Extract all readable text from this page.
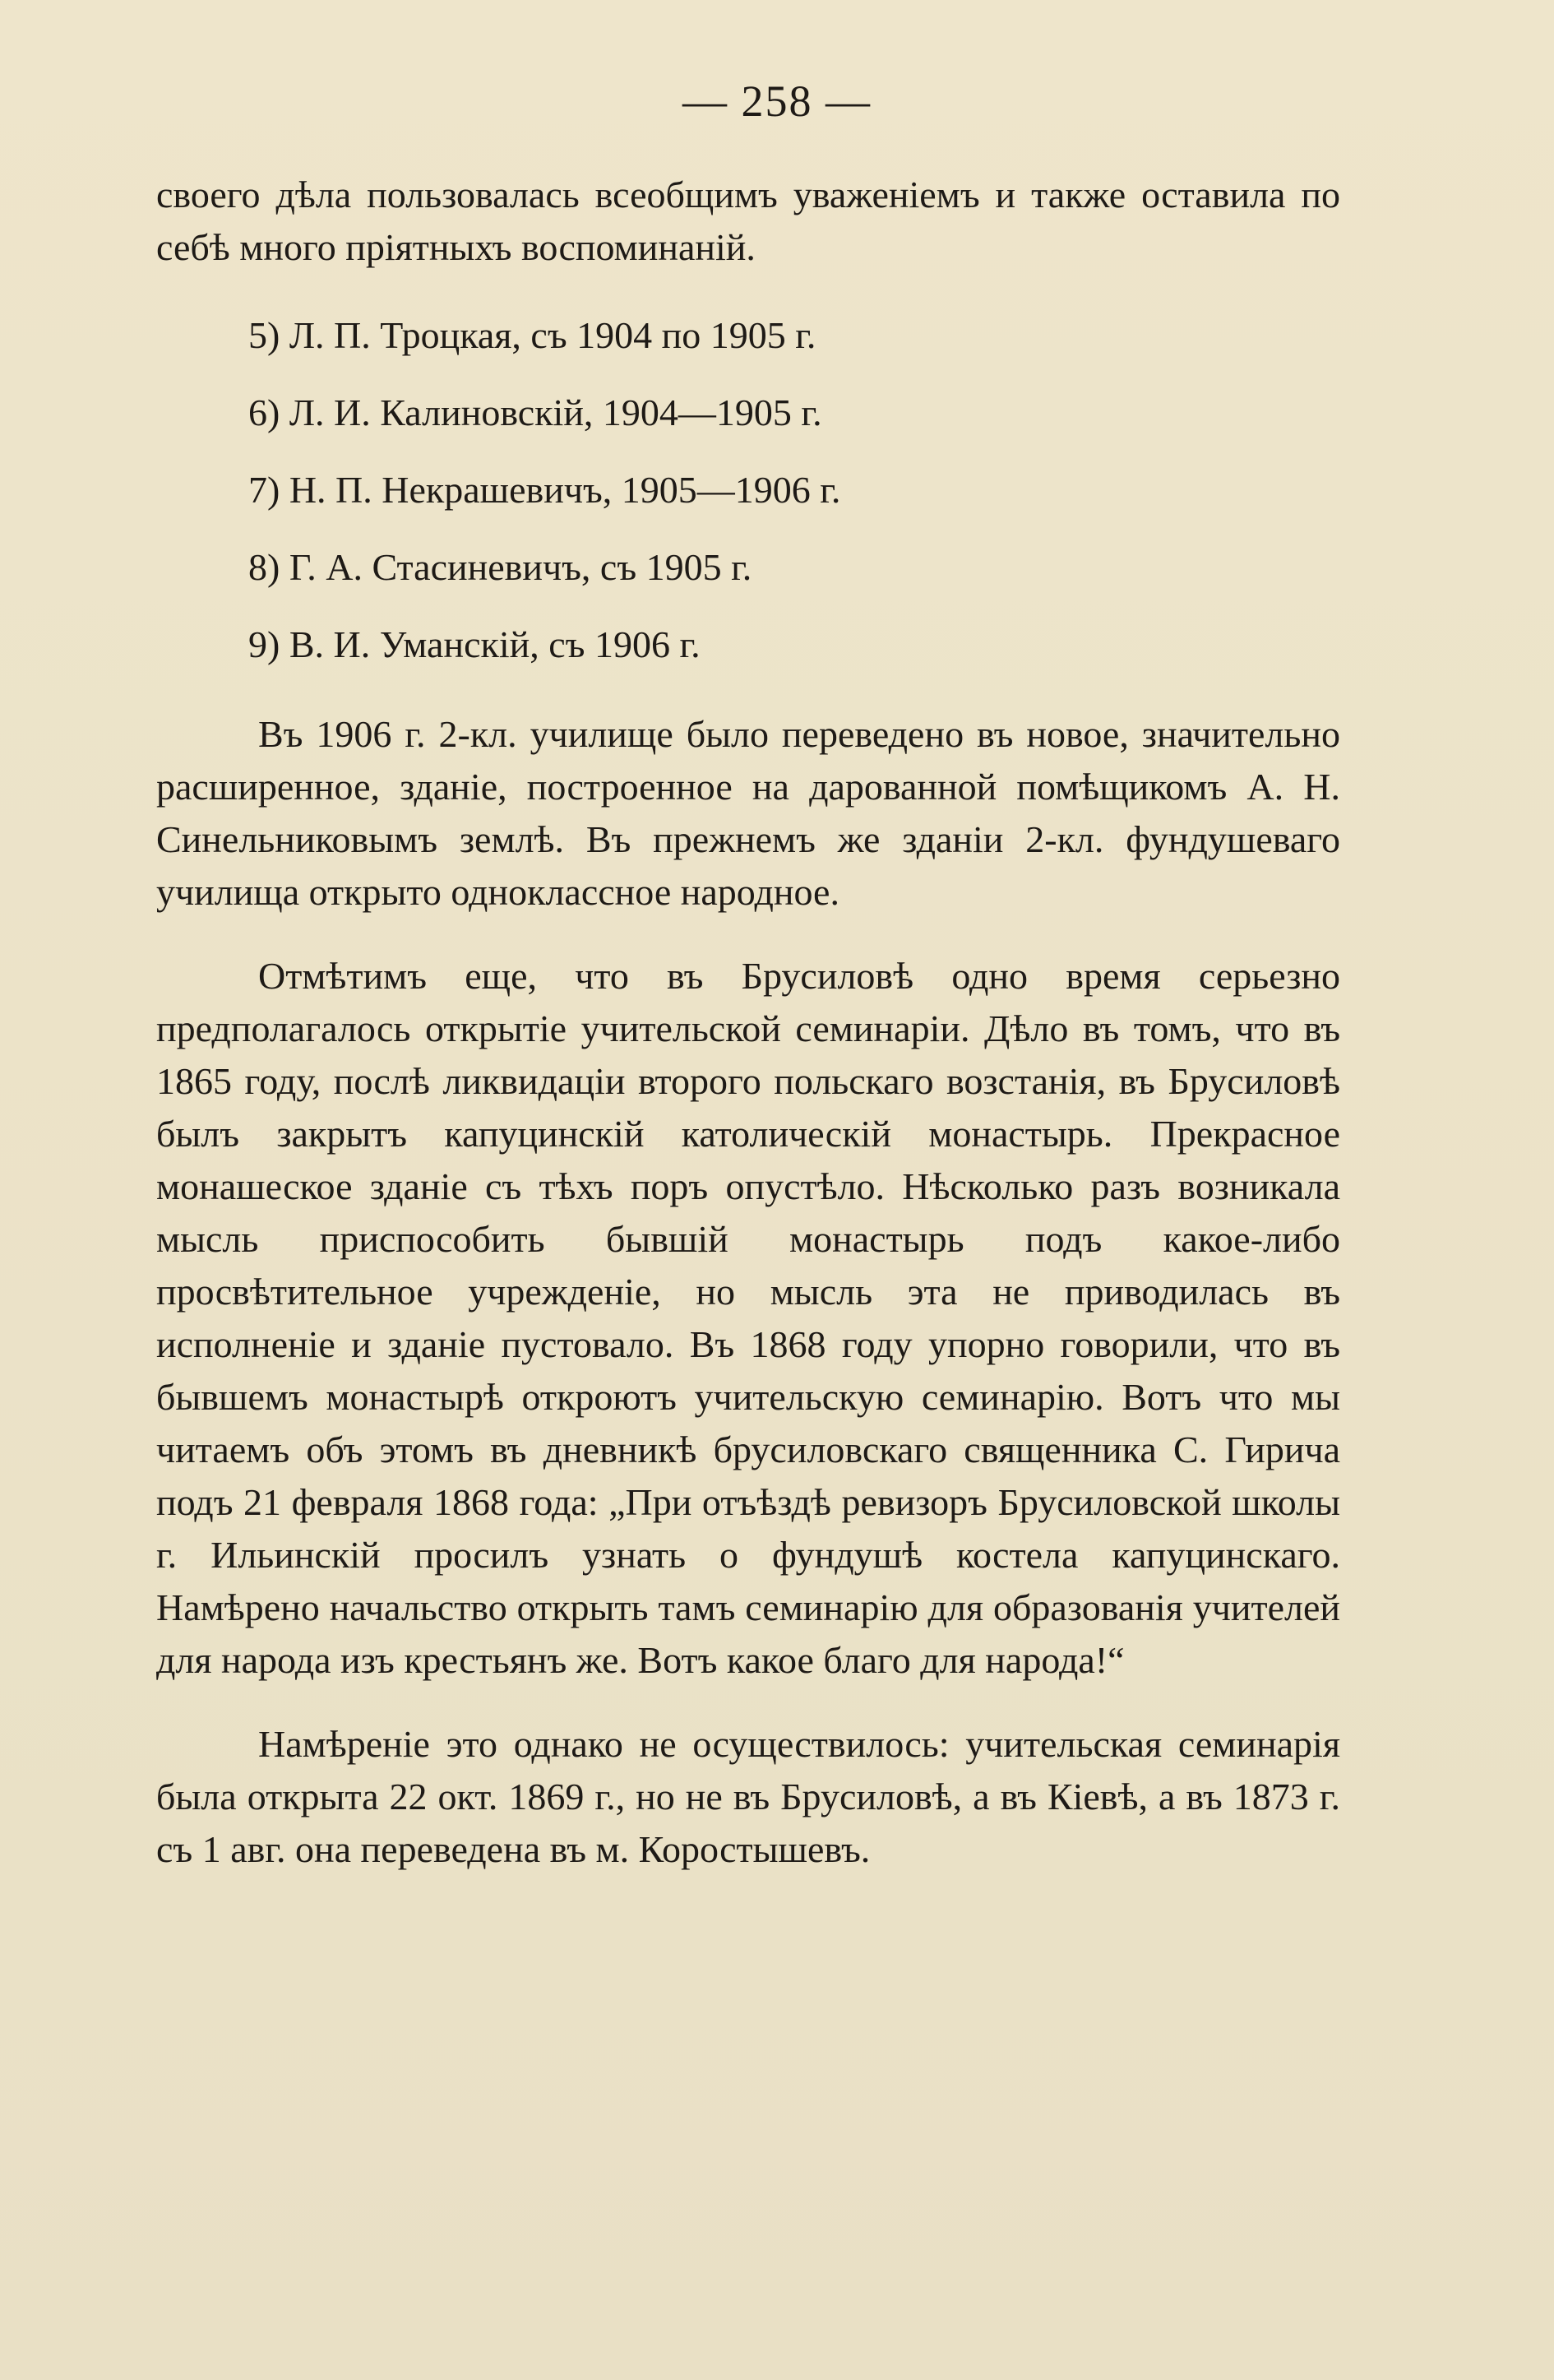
— 258 —

своего дѣла пользовалась всеобщимъ уваженіемъ и также оставила по себѣ много пріятныхъ воспоминаній.

5) Л. П. Троцкая, съ 1904 по 1905 г.
6) Л. И. Калиновскій, 1904—1905 г.
7) Н. П. Некрашевичъ, 1905—1906 г.
8) Г. А. Стасиневичъ, съ 1905 г.
9) В. И. Уманскій, съ 1906 г.

Въ 1906 г. 2-кл. училище было переведено въ новое, значительно расширенное, зданіе, построенное на дарованной помѣщикомъ А. Н. Синельниковымъ землѣ. Въ прежнемъ же зданіи 2-кл. фундушеваго училища открыто одноклассное народное.

Отмѣтимъ еще, что въ Брусиловѣ одно время серьезно предполагалось открытіе учительской семинаріи. Дѣло въ томъ, что въ 1865 году, послѣ ликвидаціи второго польскаго возстанія, въ Брусиловѣ былъ закрытъ капуцинскій католическій монастырь. Прекрасное монашеское зданіе съ тѣхъ поръ опустѣло. Нѣсколько разъ возникала мысль приспособить бывшій монастырь подъ какое-либо просвѣтительное учрежденіе, но мысль эта не приводилась въ исполненіе и зданіе пустовало. Въ 1868 году упорно говорили, что въ бывшемъ монастырѣ откроютъ учительскую семинарію. Вотъ что мы читаемъ объ этомъ въ дневникѣ брусиловскаго священника С. Гирича подъ 21 февраля 1868 года: „При отъѣздѣ ревизоръ Брусиловской школы г. Ильинскій просилъ узнать о фундушѣ костела капуцинскаго. Намѣрено начальство открыть тамъ семинарію для образованія учителей для народа изъ крестьянъ же. Вотъ какое благо для народа!“

Намѣреніе это однако не осуществилось: учительская семинарія была открыта 22 окт. 1869 г., но не въ Брусиловѣ, а въ Кіевѣ, а въ 1873 г. съ 1 авг. она переведена въ м. Коростышевъ.
